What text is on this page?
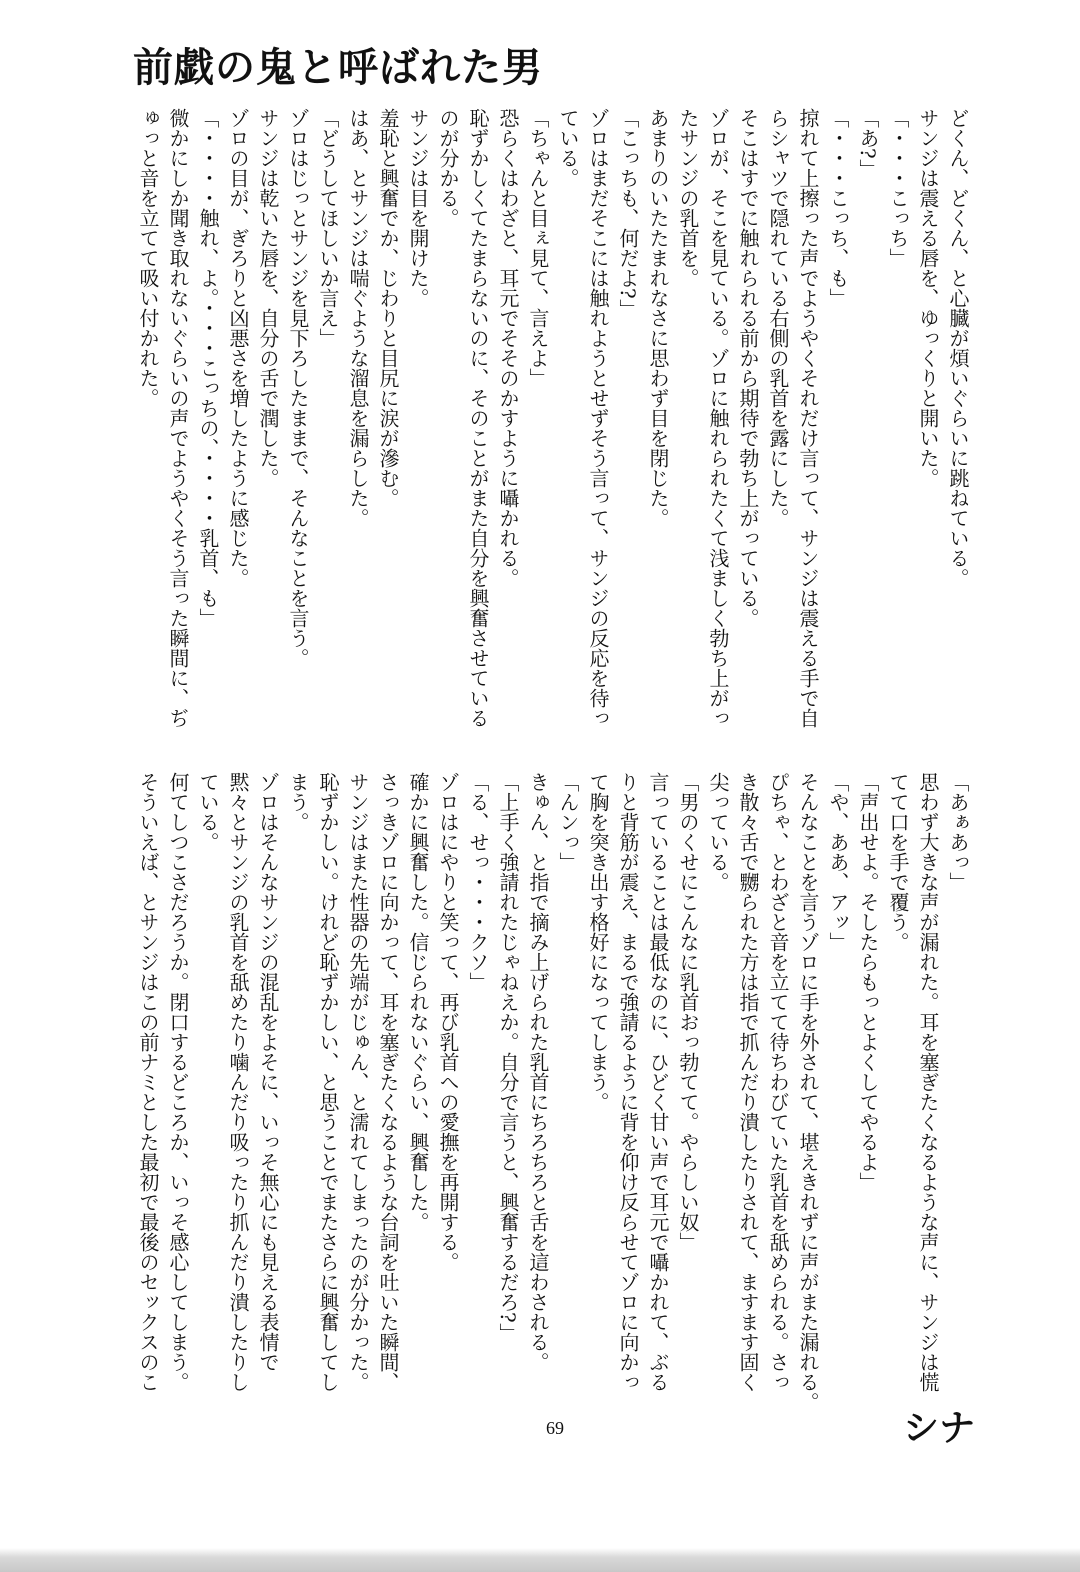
前戯の鬼と呼ばれた男
どくん、どくん、と心臓が煩いぐらいに跳ねている。
サンジは震える唇を、ゆっくりと開いた。
「・・・こっち」
「あ?」
「・・・こっち、も」
掠れて上擦った声でようやくそれだけ言って、サンジは震える手で自
らシャツで隠れている右側の乳首を露にした。
そこはすでに触れられる前から期待で勃ち上がっている。
ゾロが、そこを見ている。ゾロに触れられたくて浅ましく勃ち上がっ
たサンジの乳首を。
あまりのいたたまれなさに思わず目を閉じた。
「こっちも、何だよ?」
ゾロはまだそこには触れようとせずそう言って、サンジの反応を待っ
ている。
「ちゃんと目ぇ見て、言えよ」
恐らくはわざと、耳元でそそのかすように囁かれる。
恥ずかしくてたまらないのに、そのことがまた自分を興奮させている
のが分かる。
サンジは目を開けた。
羞恥と興奮でか、じわりと目尻に涙が滲む。
はあ、とサンジは喘ぐような溜息を漏らした。
「どうしてほしいか言え」
ゾロはじっとサンジを見下ろしたままで、そんなことを言う。
サンジは乾いた唇を、自分の舌で潤した。
ゾロの目が、ぎろりと凶悪さを増したように感じた。
「・・・・触れ、よ。・・・こっちの、・・・・乳首、も」
微かにしか聞き取れないぐらいの声でようやくそう言った瞬間に、ぢ
ゅっと音を立てて吸い付かれた。
「あぁあっ」
思わず大きな声が漏れた。耳を塞ぎたくなるような声に、サンジは慌
てて口を手で覆う。
「声出せよ。そしたらもっとよくしてやるよ」
「や、ああ、アッ」
そんなことを言うゾロに手を外されて、堪えきれずに声がまた漏れる。
ぴちゃ、とわざと音を立てて待ちわびていた乳首を舐められる。さっ
き散々舌で嬲られた方は指で抓んだり潰したりされて、ますます固く
尖っている。
「男のくせにこんなに乳首おっ勃てて。やらしい奴」
言っていることは最低なのに、ひどく甘い声で耳元で囁かれて、ぶる
りと背筋が震え、まるで強請るように背を仰け反らせてゾロに向かっ
て胸を突き出す格好になってしまう。
「んンっ」
きゅん、と指で摘み上げられた乳首にちろちろと舌を這わされる。
「上手く強請れたじゃねえか。自分で言うと、興奮するだろ?」
「る、せっ・・・クソ」
ゾロはにやりと笑って、再び乳首への愛撫を再開する。
確かに興奮した。信じられないぐらい、興奮した。
さっきゾロに向かって、耳を塞ぎたくなるような台詞を吐いた瞬間、
サンジはまた性器の先端がじゅん、と濡れてしまったのが分かった。
恥ずかしい。けれど恥ずかしい、と思うことでまたさらに興奮してし
まう。
ゾロはそんなサンジの混乱をよそに、いっそ無心にも見える表情で
黙々とサンジの乳首を舐めたり噛んだり吸ったり抓んだり潰したりし
ている。
何てしつこさだろうか。閉口するどころか、いっそ感心してしまう。
そういえば、とサンジはこの前ナミとした最初で最後のセックスのこ
シナ
69
